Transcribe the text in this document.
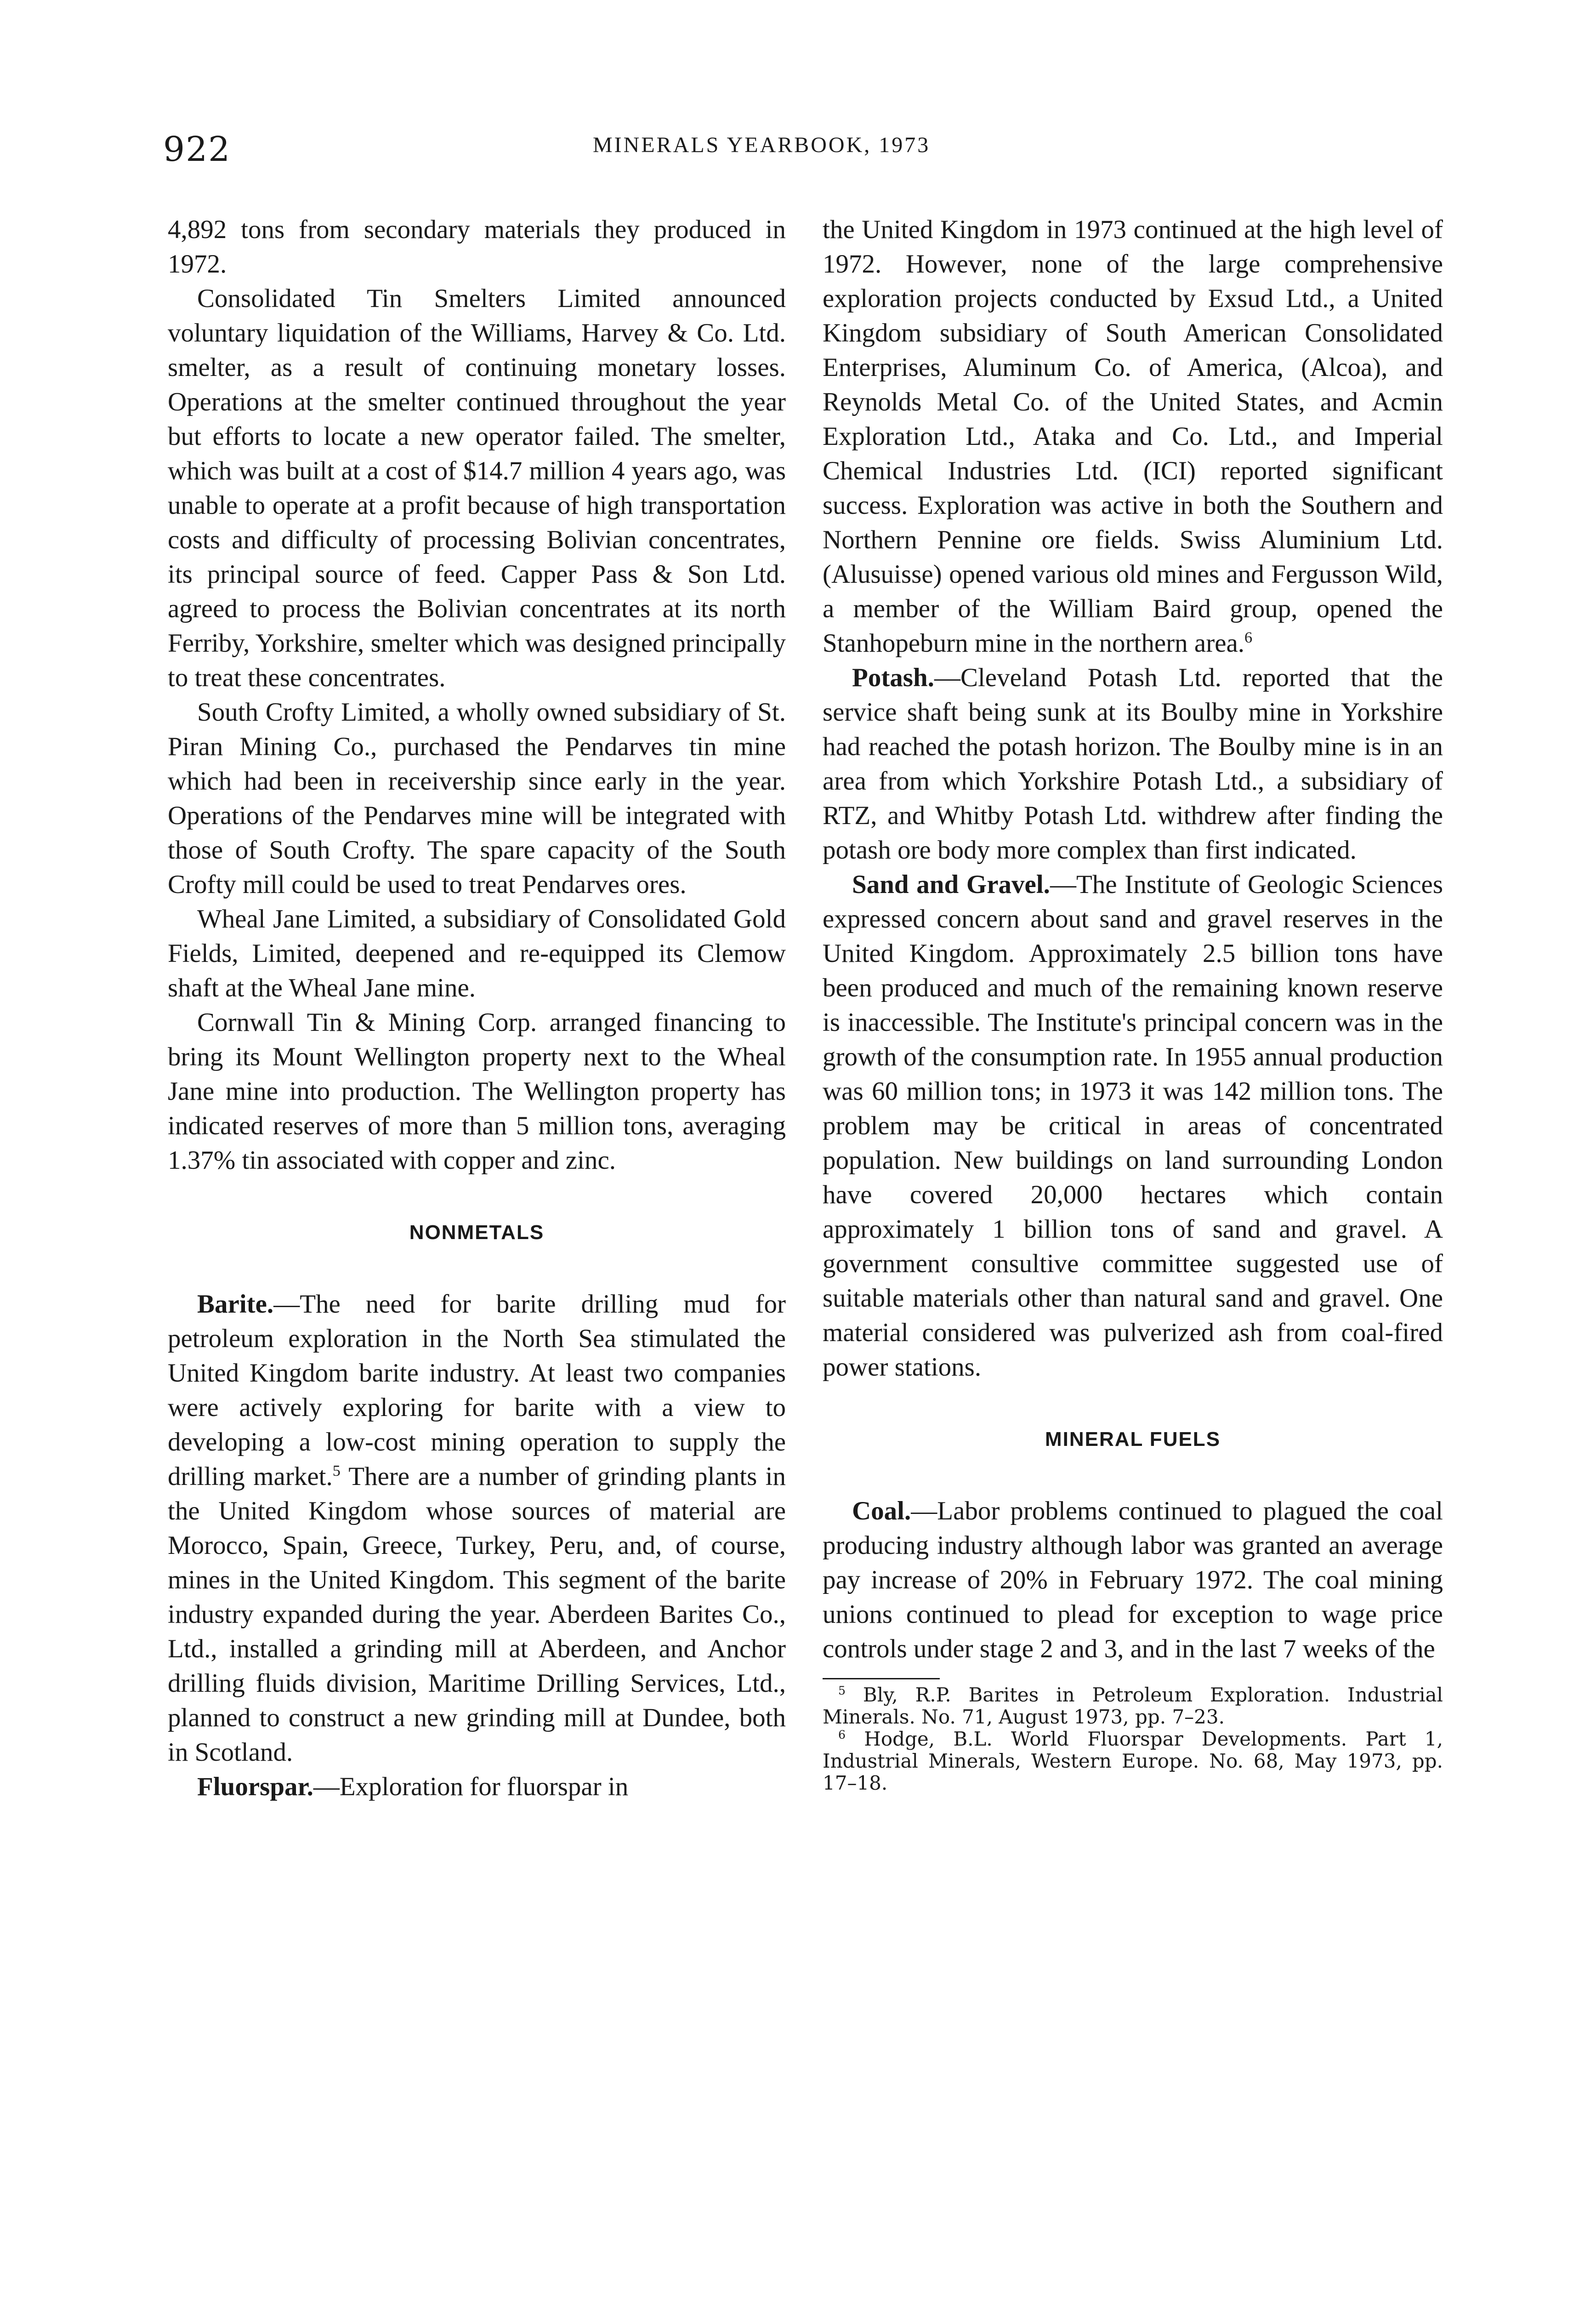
922	MINERALS YEARBOOK, 1973

4,892 tons from secondary materials they produced in 1972.

Consolidated Tin Smelters Limited announced voluntary liquidation of the Williams, Harvey & Co. Ltd. smelter, as a result of continuing monetary losses. Operations at the smelter continued throughout the year but efforts to locate a new operator failed. The smelter, which was built at a cost of $14.7 million 4 years ago, was unable to operate at a profit because of high transportation costs and difficulty of processing Bolivian concentrates, its principal source of feed. Capper Pass & Son Ltd. agreed to process the Bolivian concentrates at its north Ferriby, Yorkshire, smelter which was designed principally to treat these concentrates.

South Crofty Limited, a wholly owned subsidiary of St. Piran Mining Co., purchased the Pendarves tin mine which had been in receivership since early in the year. Operations of the Pendarves mine will be integrated with those of South Crofty. The spare capacity of the South Crofty mill could be used to treat Pendarves ores.

Wheal Jane Limited, a subsidiary of Consolidated Gold Fields, Limited, deepened and re-equipped its Clemow shaft at the Wheal Jane mine.

Cornwall Tin & Mining Corp. arranged financing to bring its Mount Wellington property next to the Wheal Jane mine into production. The Wellington property has indicated reserves of more than 5 million tons, averaging 1.37% tin associated with copper and zinc.

NONMETALS

Barite.—The need for barite drilling mud for petroleum exploration in the North Sea stimulated the United Kingdom barite industry. At least two companies were actively exploring for barite with a view to developing a low-cost mining operation to supply the drilling market.$^5$ There are a number of grinding plants in the United Kingdom whose sources of material are Morocco, Spain, Greece, Turkey, Peru, and, of course, mines in the United Kingdom. This segment of the barite industry expanded during the year. Aberdeen Barites Co., Ltd., installed a grinding mill at Aberdeen, and Anchor drilling fluids division, Maritime Drilling Services, Ltd., planned to construct a new grinding mill at Dundee, both in Scotland.

Fluorspar.—Exploration for fluorspar in

the United Kingdom in 1973 continued at the high level of 1972. However, none of the large comprehensive exploration projects conducted by Exsud Ltd., a United Kingdom subsidiary of South American Consolidated Enterprises, Aluminum Co. of America, (Alcoa), and Reynolds Metal Co. of the United States, and Acmin Exploration Ltd., Ataka and Co. Ltd., and Imperial Chemical Industries Ltd. (ICI) reported significant success. Exploration was active in both the Southern and Northern Pennine ore fields. Swiss Aluminium Ltd. (Alusuisse) opened various old mines and Fergusson Wild, a member of the William Baird group, opened the Stanhopeburn mine in the northern area.$^6$

Potash.—Cleveland Potash Ltd. reported that the service shaft being sunk at its Boulby mine in Yorkshire had reached the potash horizon. The Boulby mine is in an area from which Yorkshire Potash Ltd., a subsidiary of RTZ, and Whitby Potash Ltd. withdrew after finding the potash ore body more complex than first indicated.

Sand and Gravel.—The Institute of Geologic Sciences expressed concern about sand and gravel reserves in the United Kingdom. Approximately 2.5 billion tons have been produced and much of the remaining known reserve is inaccessible. The Institute's principal concern was in the growth of the consumption rate. In 1955 annual production was 60 million tons; in 1973 it was 142 million tons. The problem may be critical in areas of concentrated population. New buildings on land surrounding London have covered 20,000 hectares which contain approximately 1 billion tons of sand and gravel. A government consultive committee suggested use of suitable materials other than natural sand and gravel. One material considered was pulverized ash from coal-fired power stations.

MINERAL FUELS

Coal.—Labor problems continued to plagued the coal producing industry although labor was granted an average pay increase of 20% in February 1972. The coal mining unions continued to plead for exception to wage price controls under stage 2 and 3, and in the last 7 weeks of the

$^5$ Bly, R.P. Barites in Petroleum Exploration. Industrial Minerals. No. 71, August 1973, pp. 7–23.

$^6$ Hodge, B.L. World Fluorspar Developments. Part 1, Industrial Minerals, Western Europe. No. 68, May 1973, pp. 17–18.
